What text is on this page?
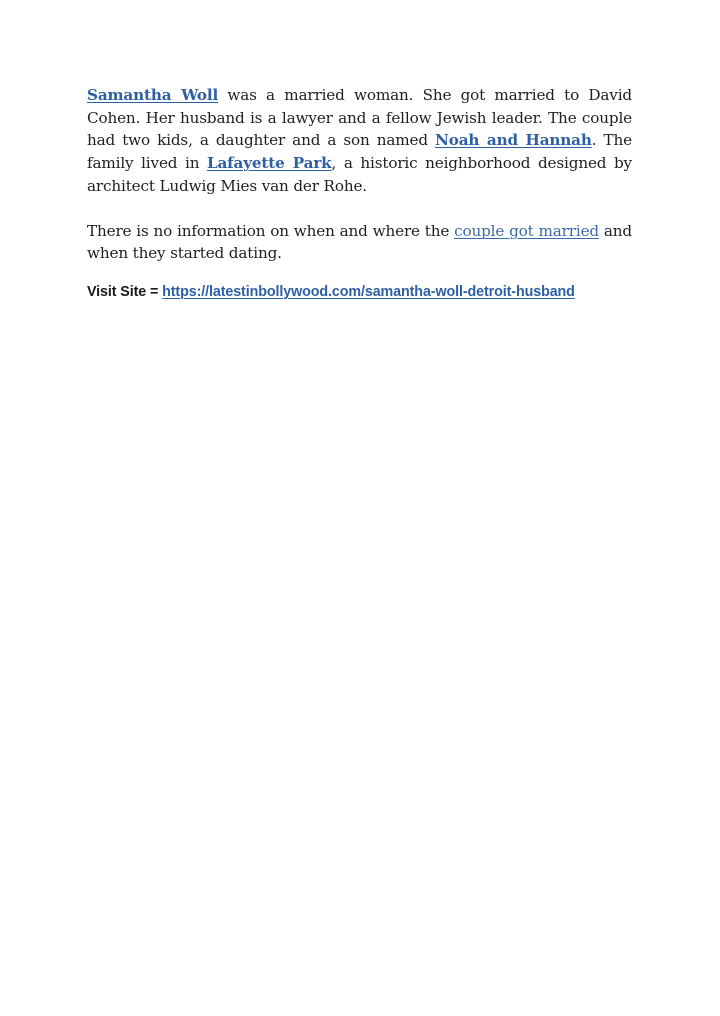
Samantha Woll was a married woman. She got married to David Cohen. Her husband is a lawyer and a fellow Jewish leader. The couple had two kids, a daughter and a son named Noah and Hannah. The family lived in Lafayette Park, a historic neighborhood designed by architect Ludwig Mies van der Rohe.

There is no information on when and where the couple got married and when they started dating.

Visit Site = https://latestinbollywood.com/samantha-woll-detroit-husband
